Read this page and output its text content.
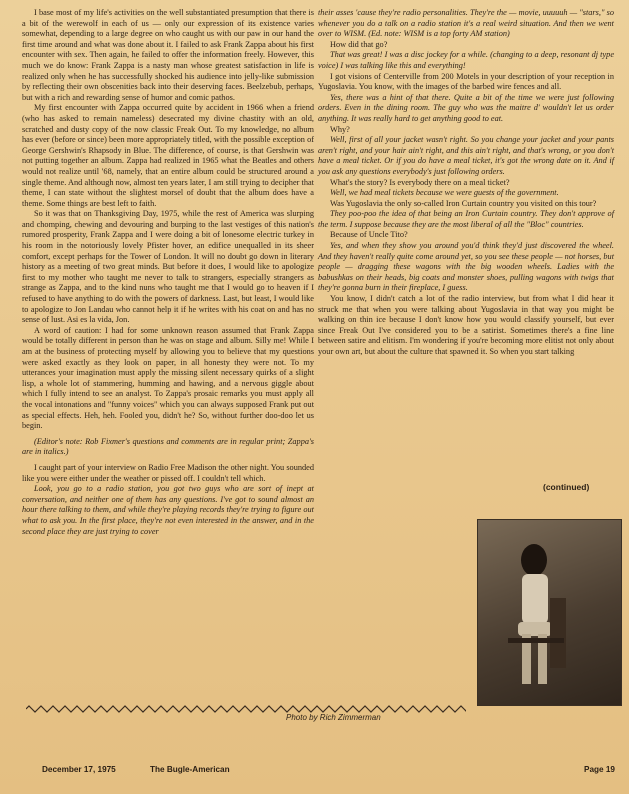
I base most of my life's activities on the well substantiated presumption that there is a bit of the werewolf in each of us — only our expression of its existence varies somewhat, depending to a large degree on who caught us with our paw in our hand the first time around and what was done about it. I failed to ask Frank Zappa about his first encounter with sex. Then again, he failed to offer the information freely. However, this much we do know: Frank Zappa is a nasty man whose greatest satisfaction in life is realized only when he has successfully shocked his audience into jelly-like submission by reflecting their own obscenities back into their deserving faces. Beelzebub, perhaps, but with a rich and rewarding sense of humor and comic pathos.

My first encounter with Zappa occurred quite by accident in 1966 when a friend (who has asked to remain nameless) desecrated my divine chastity with an old, scratched and dusty copy of the now classic Freak Out. To my knowledge, no album has ever (before or since) been more appropriately titled, with the possible exception of George Gershwin's Rhapsody in Blue. The difference, of course, is that Gershwin was not putting together an album. Zappa had realized in 1965 what the Beatles and others would not realize until '68, namely, that an entire album could be structured around a single theme. And although now, almost ten years later, I am still trying to decipher that theme, I can state without the slightest morsel of doubt that the album does have a theme. Some things are best left to faith.

So it was that on Thanksgiving Day, 1975, while the rest of America was slurping and chomping, chewing and devouring and burping to the last vestiges of this nation's rumored prosperity, Frank Zappa and I were doing a bit of lonesome electric turkey in his room in the notoriously lovely Pfister hover, an edifice unequalled in its sheer comfort, except perhaps for the Tower of London. It will no doubt go down in literary history as a meeting of two great minds. But before it does, I would like to apologize first to my mother who taught me never to talk to strangers, especially strangers as strange as Zappa, and to the kind nuns who taught me that I would go to heaven if I refused to have anything to do with the powers of darkness. Last, but least, I would like to apologize to Jon Landau who cannot help it if he writes with his coat on and has no sense of lust. Asi es la vida, Jon.

A word of caution: I had for some unknown reason assumed that Frank Zappa would be totally different in person than he was on stage and album. Silly me! While I am at the business of protecting myself by allowing you to believe that my questions were asked exactly as they look on paper, in all honesty they were not. To my utterances your imagination must apply the missing silent necessary quirks of a slight lisp, a whole lot of stammering, humming and hawing, and a nervous giggle about which I fully intend to see an analyst. To Zappa's prosaic remarks you must apply all the vocal intonations and "funny voices" which you can always supposed Frank put out as special effects. Heh, heh. Fooled you, didn't he? So, without further doo-doo let us begin.

(Editor's note: Rob Fixmer's questions and comments are in regular print; Zappa's are in italics.)

I caught part of your interview on Radio Free Madison the other night. You sounded like you were either under the weather or pissed off. I couldn't tell which.

Look, you go to a radio station, you got two guys who are sort of inept at conversation, and neither one of them has any questions. I've got to sound almost an hour there talking to them, and while they're playing records they're trying to figure out what to ask you. In the first place, they're not even interested in the answer, and in the second place they are just trying to cover

their asses 'cause they're radio personalities. They're the — movie, uuuuuh — "stars," so whenever you do a talk on a radio station it's a real weird situation. And then we went over to WISM. (Ed. note: WISM is a top forty AM station)

How did that go?

That was great! I was a disc jockey for a while. (changing to a deep, resonant dj type voice) I was talking like this and everything!

I got visions of Centerville from 200 Motels in your description of your reception in Yugoslavia. You know, with the images of the barbed wire fences and all.

Yes, there was a hint of that there. Quite a bit of the time we were just following orders. Even in the dining room. The guy who was the maitre d' wouldn't let us order anything. It was really hard to get anything good to eat.

Why?

Well, first of all your jacket wasn't right. So you change your jacket and your pants aren't right, and your hair ain't right, and this ain't right, and that's wrong, or you don't have a meal ticket. Or if you do have a meal ticket, it's got the wrong date on it. And if you ask any questions everybody's just following orders.

What's the story? Is everybody there on a meal ticket?

Well, we had meal tickets because we were guests of the government.

Was Yugoslavia the only so-called Iron Curtain country you visited on this tour?

They poo-poo the idea of that being an Iron Curtain country. They don't approve of the term. I suppose because they are the most liberal of all the "Bloc" countries.

Because of Uncle Tito?

Yes, and when they show you around you'd think they'd just discovered the wheel. And they haven't really quite come around yet, so you see these people — not horses, but people — dragging these wagons with the big wooden wheels. Ladies with the babushkas on their heads, big coats and monster shoes, pulling wagons with twigs that they're gonna burn in their fireplace, I guess.

You know, I didn't catch a lot of the radio interview, but from what I did hear it struck me that when you were talking about Yugoslavia in that way you might be walking on thin ice because I don't know how you would classify yourself, but ever since Freak Out I've considered you to be a satirist. Sometimes there's a fine line between satire and elitism. I'm wondering if you're becoming more elitist not only about your own art, but about the culture that spawned it. So when you start talking

(continued)
Photo by Rich Zimmerman
December 17, 1975	The Bugle-American	Page 19
